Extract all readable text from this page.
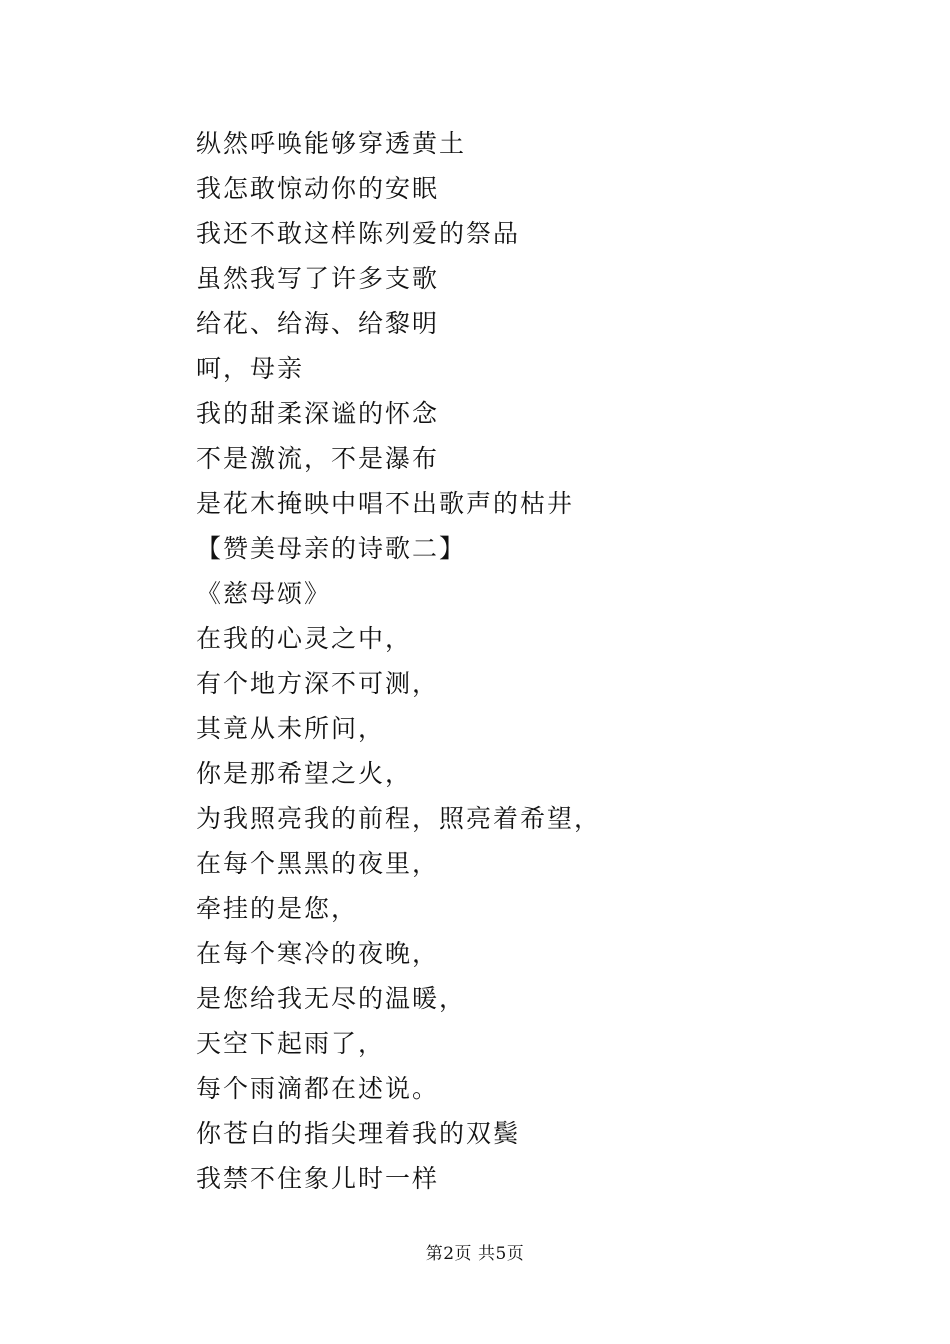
纵然呼唤能够穿透黄土
我怎敢惊动你的安眠
我还不敢这样陈列爱的祭品
虽然我写了许多支歌
给花、给海、给黎明
呵，母亲
我的甜柔深谧的怀念
不是激流，不是瀑布
是花木掩映中唱不出歌声的枯井
【赞美母亲的诗歌二】
《慈母颂》
在我的心灵之中，
有个地方深不可测，
其竟从未所问，
你是那希望之火，
为我照亮我的前程，照亮着希望，
在每个黑黑的夜里，
牵挂的是您，
在每个寒冷的夜晚，
是您给我无尽的温暖，
天空下起雨了，
每个雨滴都在述说。
你苍白的指尖理着我的双鬓
我禁不住象儿时一样
第2页 共5页
